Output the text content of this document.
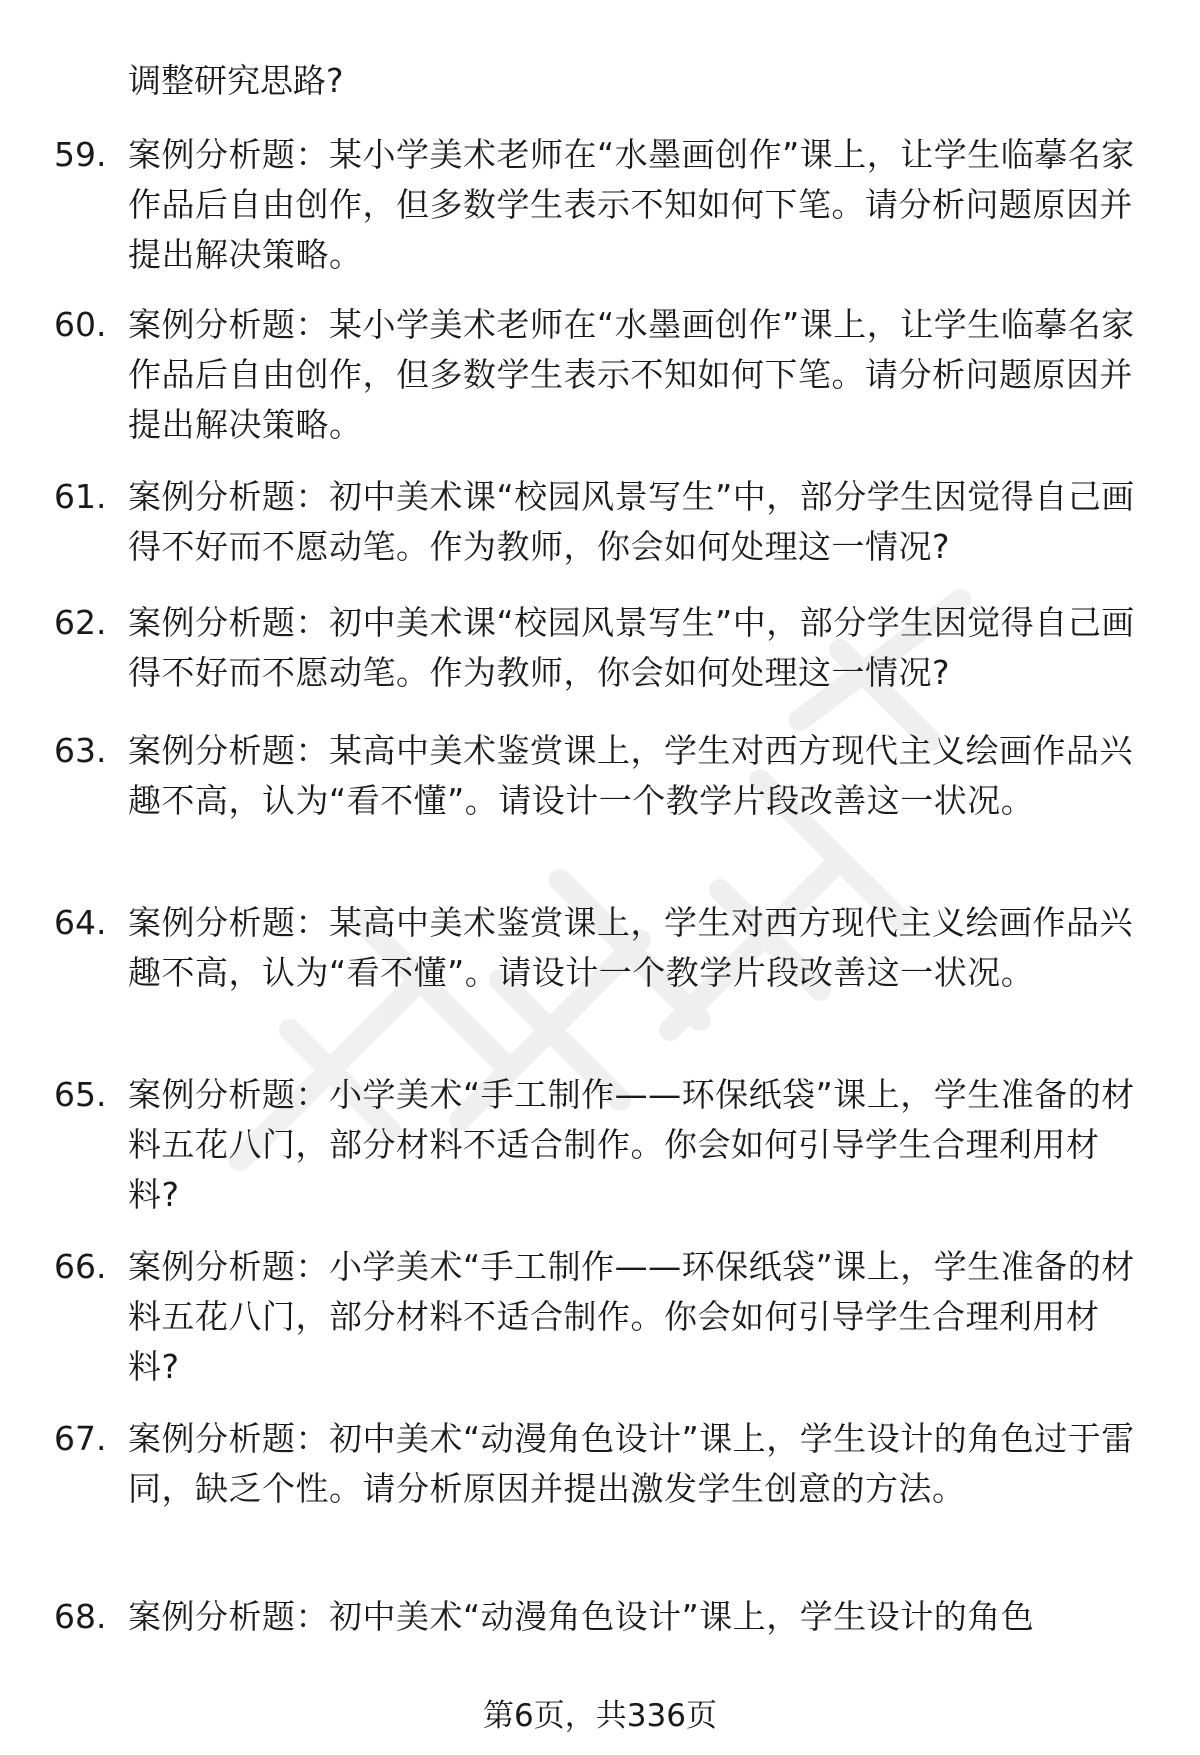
调整研究思路?

59. 案例分析题：某小学美术老师在“水墨画创作”课上，让学生临摹名家作品后自由创作，但多数学生表示不知如何下笔。请分析问题原因并提出解决策略。
60. 案例分析题：某小学美术老师在“水墨画创作”课上，让学生临摹名家作品后自由创作，但多数学生表示不知如何下笔。请分析问题原因并提出解决策略。
61. 案例分析题：初中美术课“校园风景写生”中，部分学生因觉得自己画得不好而不愿动笔。作为教师，你会如何处理这一情况?
62. 案例分析题：初中美术课“校园风景写生”中，部分学生因觉得自己画得不好而不愿动笔。作为教师，你会如何处理这一情况?
63. 案例分析题：某高中美术鉴赏课上，学生对西方现代主义绘画作品兴趣不高，认为“看不懂”。请设计一个教学片段改善这一状况。
64. 案例分析题：某高中美术鉴赏课上，学生对西方现代主义绘画作品兴趣不高，认为“看不懂”。请设计一个教学片段改善这一状况。
65. 案例分析题：小学美术“手工制作——环保纸袋”课上，学生准备的材料五花八门，部分材料不适合制作。你会如何引导学生合理利用材料?
66. 案例分析题：小学美术“手工制作——环保纸袋”课上，学生准备的材料五花八门，部分材料不适合制作。你会如何引导学生合理利用材料?
67. 案例分析题：初中美术“动漫角色设计”课上，学生设计的角色过于雷同，缺乏个性。请分析原因并提出激发学生创意的方法。
68. 案例分析题：初中美术“动漫角色设计”课上，学生设计的角色
第6页，共336页
